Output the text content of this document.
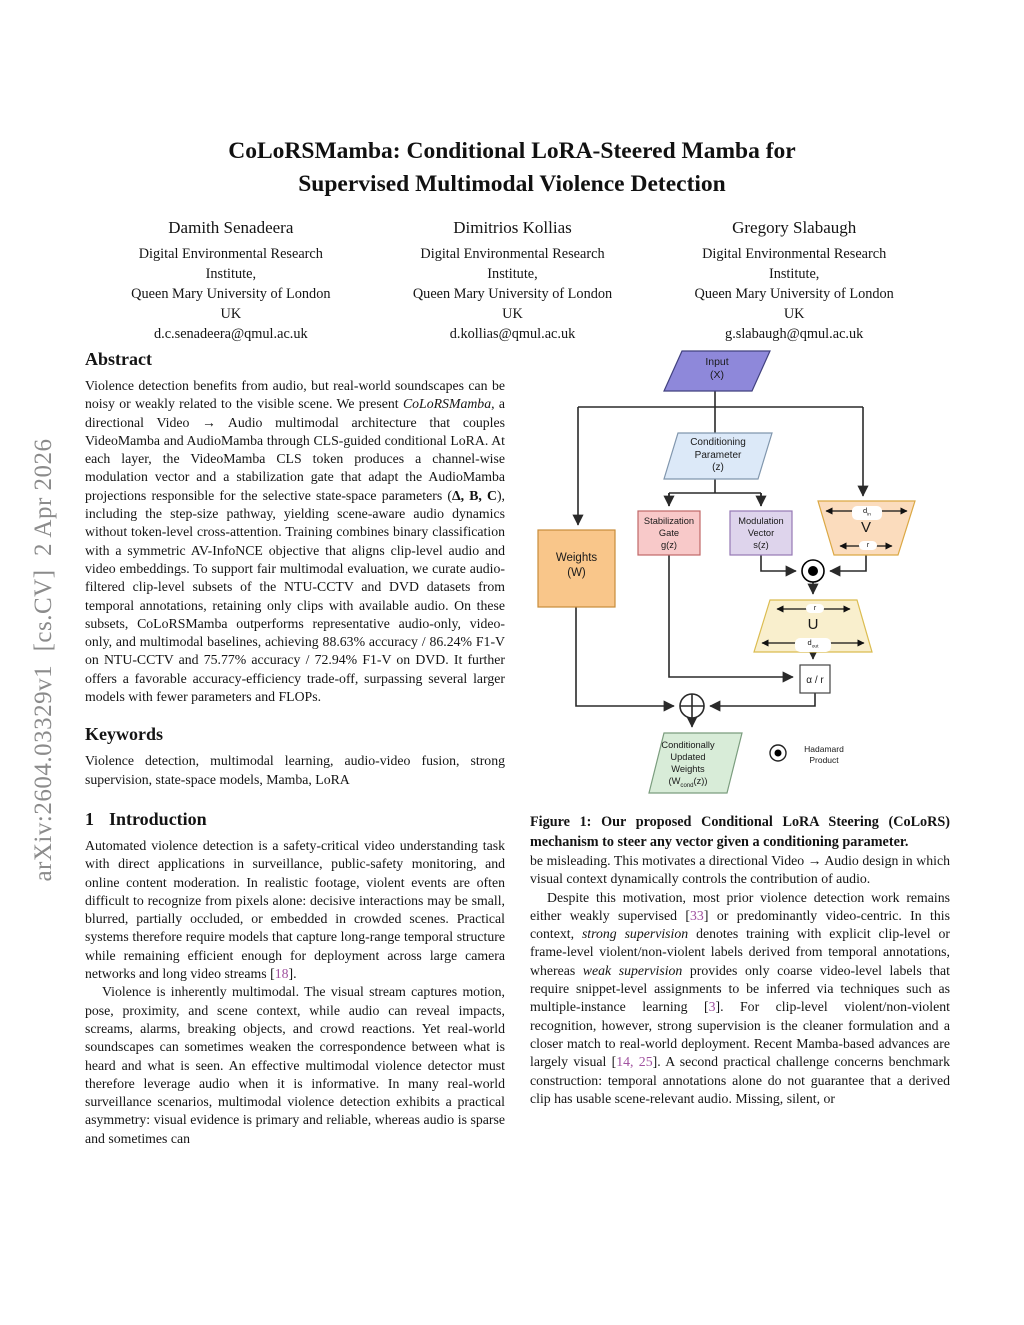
arXiv:2604.03329v1  [cs.CV]  2 Apr 2026
CoLoRSMamba: Conditional LoRA-Steered Mamba for
Supervised Multimodal Violence Detection
Damith Senadeera
Digital Environmental Research
Institute,
Queen Mary University of London
UK
d.c.senadeera@qmul.ac.uk
Dimitrios Kollias
Digital Environmental Research
Institute,
Queen Mary University of London
UK
d.kollias@qmul.ac.uk
Gregory Slabaugh
Digital Environmental Research
Institute,
Queen Mary University of London
UK
g.slabaugh@qmul.ac.uk
Abstract

Violence detection benefits from audio, but real-world soundscapes can be noisy or weakly related to the visible scene. We present CoLoRSMamba, a directional Video → Audio multimodal architecture that couples VideoMamba and AudioMamba through CLS-guided conditional LoRA. At each layer, the VideoMamba CLS token produces a channel-wise modulation vector and a stabilization gate that adapt the AudioMamba projections responsible for the selective state-space parameters (Δ, B, C), including the step-size pathway, yielding scene-aware audio dynamics without token-level cross-attention. Training combines binary classification with a symmetric AV-InfoNCE objective that aligns clip-level audio and video embeddings. To support fair multimodal evaluation, we curate audio-filtered clip-level subsets of the NTU-CCTV and DVD datasets from temporal annotations, retaining only clips with available audio. On these subsets, CoLoRSMamba outperforms representative audio-only, video-only, and multimodal baselines, achieving 88.63% accuracy / 86.24% F1-V on NTU-CCTV and 75.77% accuracy / 72.94% F1-V on DVD. It further offers a favorable accuracy-efficiency trade-off, surpassing several larger models with fewer parameters and FLOPs.

Keywords

Violence detection, multimodal learning, audio-video fusion, strong supervision, state-space models, Mamba, LoRA

1 Introduction

Automated violence detection is a safety-critical video understanding task with direct applications in surveillance, public-safety monitoring, and online content moderation. In realistic footage, violent events are often difficult to recognize from pixels alone: decisive interactions may be small, blurred, partially occluded, or embedded in crowded scenes. Practical systems therefore require models that capture long-range temporal structure while remaining efficient enough for deployment across large camera networks and long video streams [18].

Violence is inherently multimodal. The visual stream captures motion, pose, proximity, and scene context, while audio can reveal impacts, screams, alarms, breaking objects, and crowd reactions. Yet real-world soundscapes can sometimes weaken the correspondence between what is heard and what is seen. An effective multimodal violence detector must therefore leverage audio when it is informative. In many real-world surveillance scenarios, multimodal violence detection exhibits a practical asymmetry: visual evidence is primary and reliable, whereas audio is sparse and sometimes can

Input
(X)
Conditioning
Parameter
(z)
Stabilization
Gate
g(z)
Modulation
Vector
s(z)
Weights
(W)
V
U
$d_{in}$
r
r
$d_{out}$
α / r
Conditionally
Updated
Weights
$(W_{cond}(z))$
Hadamard
Product
Figure 1: Our proposed Conditional LoRA Steering (CoLoRS) mechanism to steer any vector given a conditioning parameter.

be misleading. This motivates a directional Video → Audio design in which visual context dynamically controls the contribution of audio.

Despite this motivation, most prior violence detection work remains either weakly supervised [33] or predominantly video-centric. In this context, strong supervision denotes training with explicit clip-level or frame-level violent/non-violent labels derived from temporal annotations, whereas weak supervision provides only coarse video-level labels that require snippet-level assignments to be inferred via techniques such as multiple-instance learning [3]. For clip-level violent/non-violent recognition, however, strong supervision is the cleaner formulation and a closer match to real-world deployment. Recent Mamba-based advances are largely visual [14, 25]. A second practical challenge concerns benchmark construction: temporal annotations alone do not guarantee that a derived clip has usable scene-relevant audio. Missing, silent, or
